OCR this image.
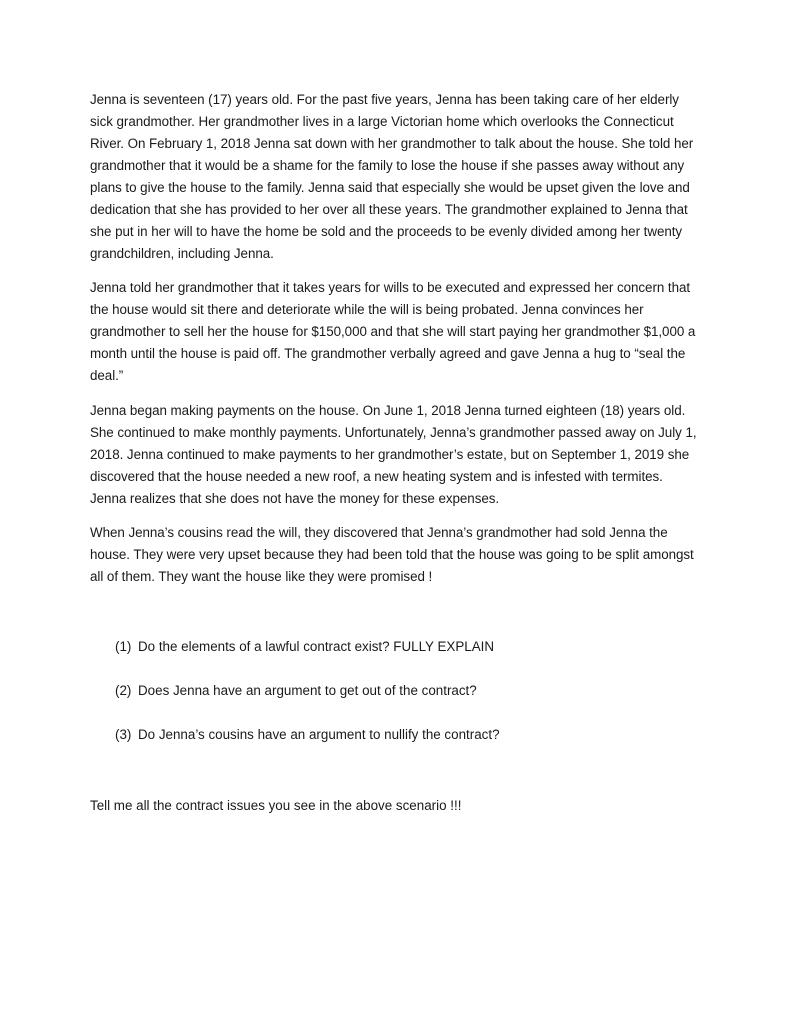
Jenna is seventeen (17) years old. For the past five years, Jenna has been taking care of her elderly sick grandmother. Her grandmother lives in a large Victorian home which overlooks the Connecticut River. On February 1, 2018 Jenna sat down with her grandmother to talk about the house. She told her grandmother that it would be a shame for the family to lose the house if she passes away without any plans to give the house to the family. Jenna said that especially she would be upset given the love and dedication that she has provided to her over all these years. The grandmother explained to Jenna that she put in her will to have the home be sold and the proceeds to be evenly divided among her twenty grandchildren, including Jenna.

Jenna told her grandmother that it takes years for wills to be executed and expressed her concern that the house would sit there and deteriorate while the will is being probated. Jenna convinces her grandmother to sell her the house for $150,000 and that she will start paying her grandmother $1,000 a month until the house is paid off. The grandmother verbally agreed and gave Jenna a hug to “seal the deal.”

Jenna began making payments on the house. On June 1, 2018 Jenna turned eighteen (18) years old. She continued to make monthly payments. Unfortunately, Jenna’s grandmother passed away on July 1, 2018. Jenna continued to make payments to her grandmother’s estate, but on September 1, 2019 she discovered that the house needed a new roof, a new heating system and is infested with termites. Jenna realizes that she does not have the money for these expenses.

When Jenna’s cousins read the will, they discovered that Jenna’s grandmother had sold Jenna the house. They were very upset because they had been told that the house was going to be split amongst all of them. They want the house like they were promised !

(1) Do the elements of a lawful contract exist? FULLY EXPLAIN
(2) Does Jenna have an argument to get out of the contract?
(3) Do Jenna’s cousins have an argument to nullify the contract?

Tell me all the contract issues you see in the above scenario !!!
